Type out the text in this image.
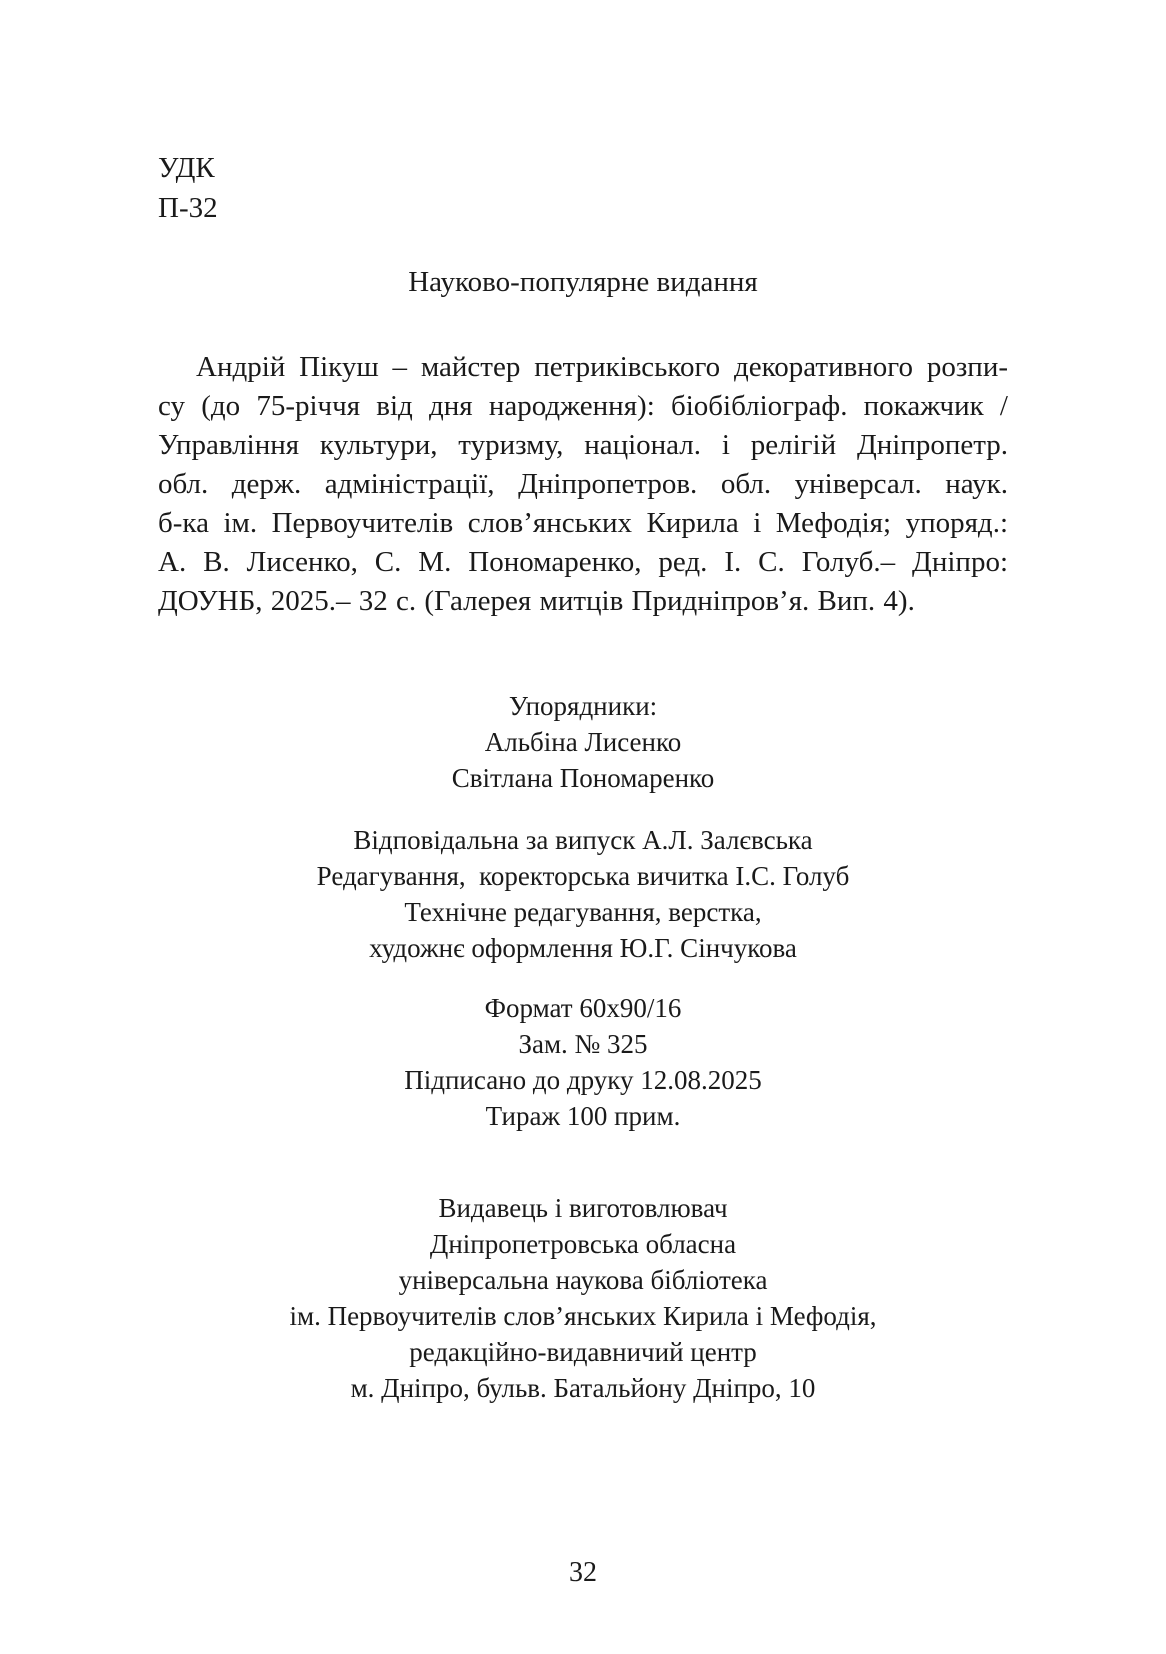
УДК
П-32
Науково-популярне видання
Андрій Пікуш – майстер петриківського декоративного розпи-
су (до 75-річчя від дня народження): біобібліограф. покажчик /
Управління культури, туризму, націонал. і релігій Дніпропетр.
обл. держ. адміністрації, Дніпропетров. обл. універсал. наук.
б-ка ім. Первоучителів слов’янських Кирила і Мефодія; упоряд.:
А. В. Лисенко, С. М. Пономаренко, ред. І. С. Голуб.– Дніпро:
ДОУНБ, 2025.– 32 с. (Галерея митців Придніпров’я. Вип. 4).
Упорядники:
Альбіна Лисенко
Світлана Пономаренко
Відповідальна за випуск А.Л. Залєвська
Редагування,  коректорська вичитка І.С. Голуб
Технічне редагування, верстка,
художнє оформлення Ю.Г. Сінчукова
Формат 60х90/16
Зам. № 325
Підписано до друку 12.08.2025
Тираж 100 прим.
Видавець і виготовлювач
Дніпропетровська обласна
універсальна наукова бібліотека
ім. Первоучителів слов’янських Кирила і Мефодія,
редакційно-видавничий центр
м. Дніпро, бульв. Батальйону Дніпро, 10
32
